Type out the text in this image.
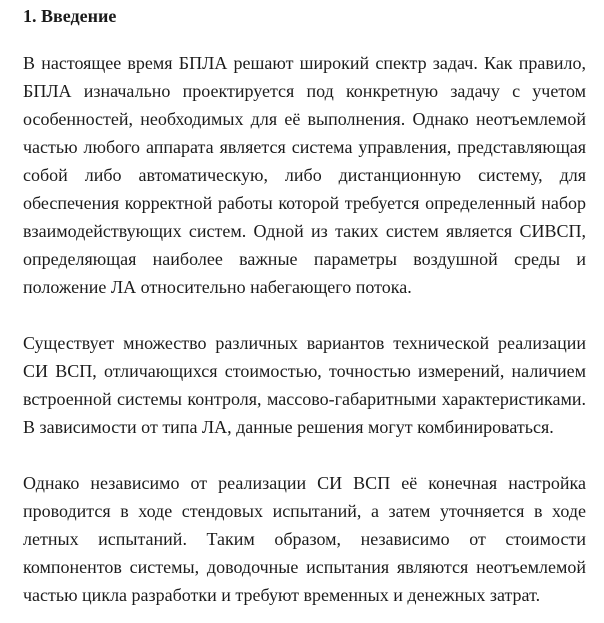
1. Введение

В настоящее время БПЛА решают широкий спектр задач. Как правило, БПЛА изначально проектируется под конкретную задачу с учетом особенностей, необходимых для её выполнения. Однако неотъемлемой частью любого аппарата является система управления, представляющая собой либо автоматическую, либо дистанционную систему, для обеспечения корректной работы которой требуется определенный набор взаимодействующих систем. Одной из таких систем является СИВСП, определяющая наиболее важные параметры воздушной среды и положение ЛА относительно набегающего потока.

Существует множество различных вариантов технической реализации СИ ВСП, отличающихся стоимостью, точностью измерений, наличием встроенной системы контроля, массово-габаритными характеристиками. В зависимости от типа ЛА, данные решения могут комбинироваться.

Однако независимо от реализации СИ ВСП её конечная настройка проводится в ходе стендовых испытаний, а затем уточняется в ходе летных испытаний. Таким образом, независимо от стоимости компонентов системы, доводочные испытания являются неотъемлемой частью цикла разработки и требуют временных и денежных затрат.
